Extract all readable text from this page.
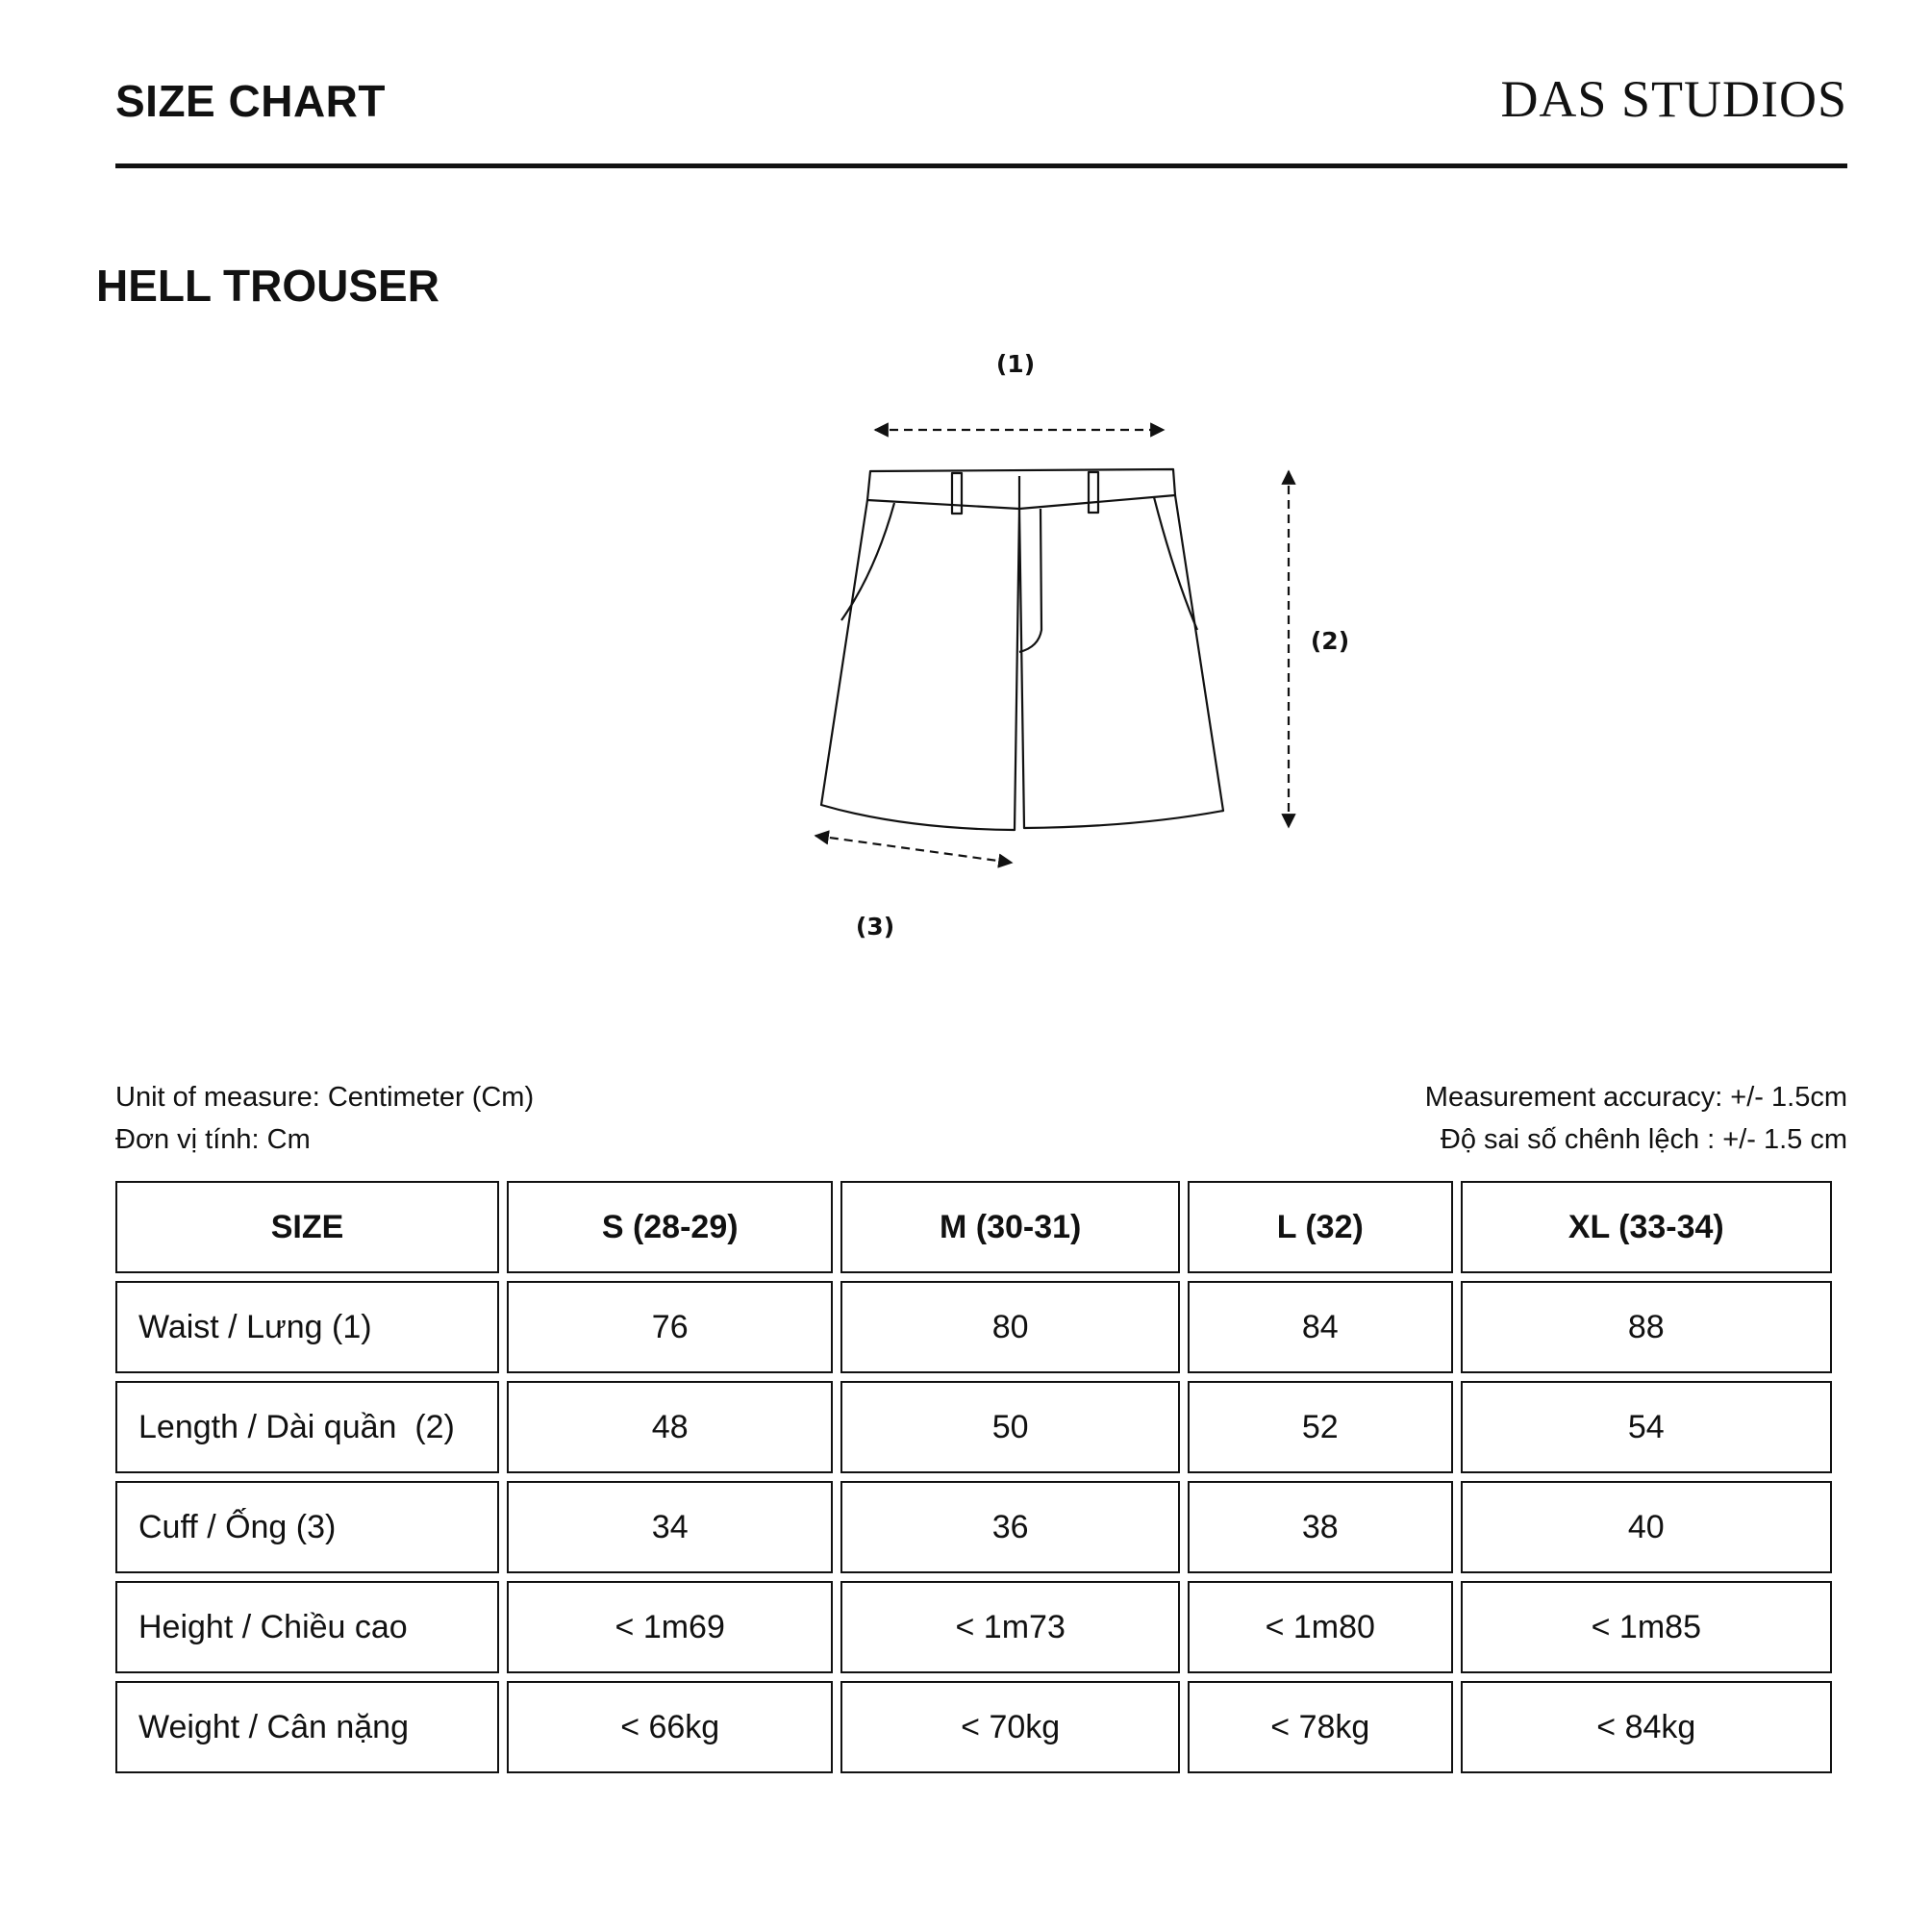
SIZE CHART	DAS STUDIOS
HELL TROUSER
(1)
(2)
(3)
Unit of measure: Centimeter (Cm)
Đơn vị tính: Cm
Measurement accuracy: +/- 1.5cm
Độ sai số chênh lệch : +/- 1.5 cm
SIZE	S (28-29)	M (30-31)	L (32)	XL (33-34)
Waist / Lưng (1)	76	80	84	88
Length / Dài quần  (2)	48	50	52	54
Cuff / Ống (3)	34	36	38	40
Height / Chiều cao	< 1m69	< 1m73	< 1m80	< 1m85
Weight / Cân nặng	< 66kg	< 70kg	< 78kg	< 84kg
